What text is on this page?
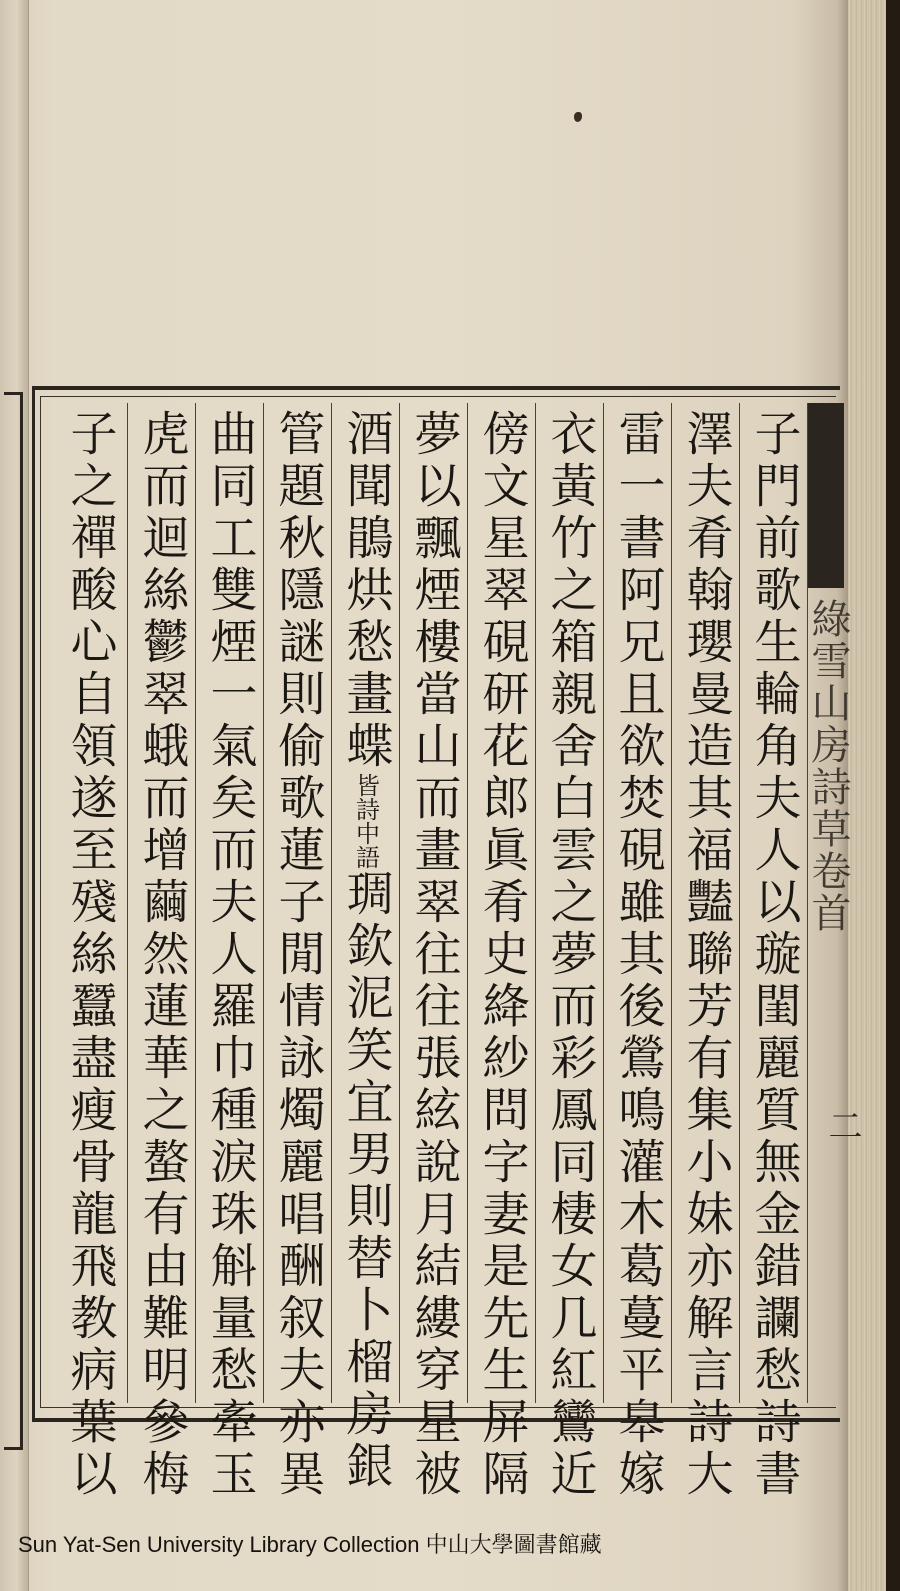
綠雪山房詩草卷首
二
子門前歌生輪角夫人以璇閨麗質無金錯讕愁詩書
澤夫肴翰瓔曼造其福豔聯芳有集小妹亦解言詩大
雷一書阿兄且欲焚硯雖其後鶯鳴灌木葛蔓平皋嫁
衣黃竹之箱親舍白雲之夢而彩鳳同棲女几紅鸞近
傍文星翠硯研花郎眞肴史絳紗問字妻是先生屏隔
夢以飄煙樓當山而畫翠往往張絃說月結縷穿星被
酒聞鵑烘愁畫蝶皆詩中語琱欽泥笑宜男則替卜榴房銀
管題秋隱謎則偷歌蓮子閒情詠燭麗唱酬叙夫亦異
曲同工雙煙一氣矣而夫人羅巾種淚珠斛量愁牽玉
虎而迴絲鬱翠蛾而增繭然蓮華之螯有由難明參梅
子之禪酸心自領遂至殘絲蠶盡瘦骨龍飛教病葉以
Sun Yat-Sen University Library Collection 中山大學圖書館藏
